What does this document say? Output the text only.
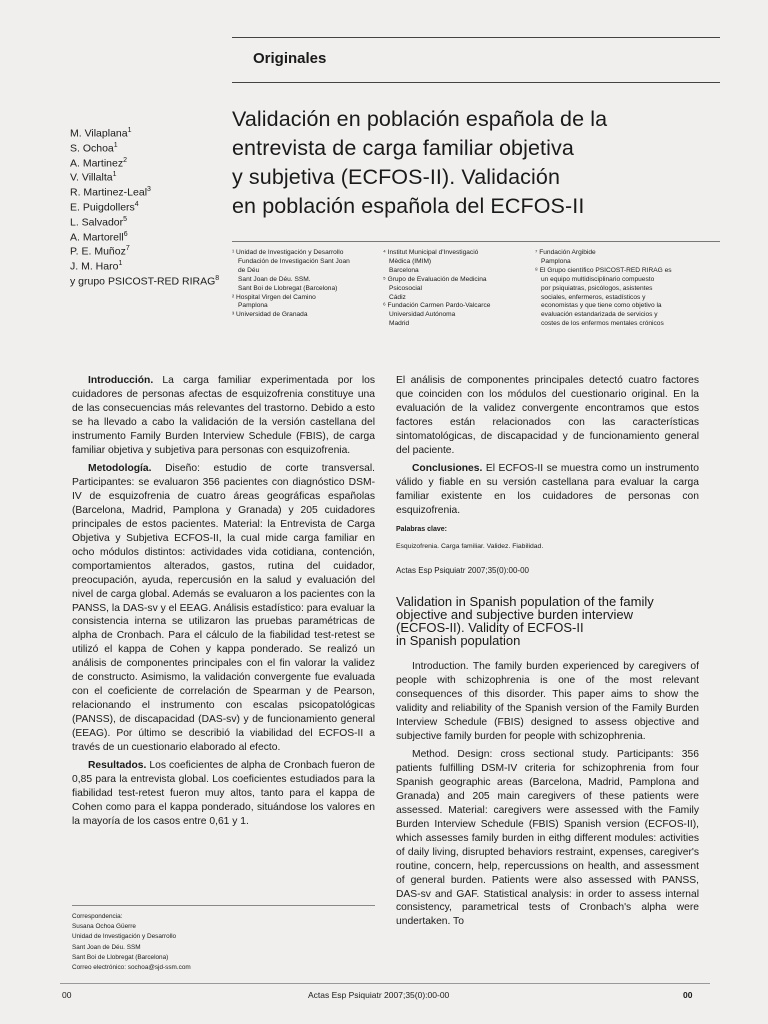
Originales
Validación en población española de la
entrevista de carga familiar objetiva
y subjetiva (ECFOS-II). Validación
en población española del ECFOS-II
M. Vilaplana$^1$
S. Ochoa$^1$
A. Martinez$^2$
V. Villalta$^1$
R. Martinez-Leal$^3$
E. Puigdollers$^4$
L. Salvador$^5$
A. Martorell$^6$
P. E. Muñoz$^7$
J. M. Haro$^1$
y grupo PSICOST-RED RIRAG$^8$
¹ Unidad de Investigación y Desarrollo
Fundación de Investigación Sant Joan
de Déu
Sant Joan de Déu. SSM.
Sant Boi de Llobregat (Barcelona)
² Hospital Virgen del Camino
Pamplona
³ Universidad de Granada
⁴ Institut Municipal d'Investigació
Mèdica (IMIM)
Barcelona
⁵ Grupo de Evaluación de Medicina
Psicosocial
Cádiz
⁶ Fundación Carmen Pardo-Valcarce
Universidad Autónoma
Madrid
⁷ Fundación Argibide
Pamplona
⁸ El Grupo científico PSICOST-RED RIRAG es
un equipo multidisciplinario compuesto
por psiquiatras, psicólogos, asistentes
sociales, enfermeros, estadísticos y
economistas y que tiene como objetivo la
evaluación estandarizada de servicios y
costes de los enfermos mentales crónicos

Introducción. La carga familiar experimentada por los cuidadores de personas afectas de esquizofrenia constituye una de las consecuencias más relevantes del trastorno. Debido a esto se ha llevado a cabo la validación de la versión castellana del instrumento Family Burden Interview Schedule (FBIS), de carga familiar objetiva y subjetiva para personas con esquizofrenia.

Metodología. Diseño: estudio de corte transversal. Participantes: se evaluaron 356 pacientes con diagnóstico DSM-IV de esquizofrenia de cuatro áreas geográficas españolas (Barcelona, Madrid, Pamplona y Granada) y 205 cuidadores principales de estos pacientes. Material: la Entrevista de Carga Objetiva y Subjetiva ECFOS-II, la cual mide carga familiar en ocho módulos distintos: actividades vida cotidiana, contención, comportamientos alterados, gastos, rutina del cuidador, preocupación, ayuda, repercusión en la salud y evaluación del nivel de carga global. Además se evaluaron a los pacientes con la PANSS, la DAS-sv y el EEAG. Análisis estadístico: para evaluar la consistencia interna se utilizaron las pruebas paramétricas de alpha de Cronbach. Para el cálculo de la fiabilidad test-retest se utilizó el kappa de Cohen y kappa ponderado. Se realizó un análisis de componentes principales con el fin valorar la validez de constructo. Asimismo, la validación convergente fue evaluada con el coeficiente de correlación de Spearman y de Pearson, relacionando el instrumento con escalas psicopatológicas (PANSS), de discapacidad (DAS-sv) y de funcionamiento general (EEAG). Por último se describió la viabilidad del ECFOS-II a través de un cuestionario elaborado al efecto.

Resultados. Los coeficientes de alpha de Cronbach fueron de 0,85 para la entrevista global. Los coeficientes estudiados para la fiabilidad test-retest fueron muy altos, tanto para el kappa de Cohen como para el kappa ponderado, situándose los valores en la mayoría de los casos entre 0,61 y 1.

El análisis de componentes principales detectó cuatro factores que coinciden con los módulos del cuestionario original. En la evaluación de la validez convergente encontramos que estos factores están relacionados con las características sintomatológicas, de discapacidad y de funcionamiento general del paciente.

Conclusiones. El ECFOS-II se muestra como un instrumento válido y fiable en su versión castellana para evaluar la carga familiar existente en los cuidadores de personas con esquizofrenia.

Palabras clave:
Esquizofrenia. Carga familiar. Validez. Fiabilidad.
Actas Esp Psiquiatr 2007;35(0):00-00
Validation in Spanish population of the family
objective and subjective burden interview
(ECFOS-II). Validity of ECFOS-II
in Spanish population

Introduction. The family burden experienced by caregivers of people with schizophrenia is one of the most relevant consequences of this disorder. This paper aims to show the validity and reliability of the Spanish version of the Family Burden Interview Schedule (FBIS) designed to assess objective and subjective family burden for people with schizophrenia.

Method. Design: cross sectional study. Participants: 356 patients fulfilling DSM-IV criteria for schizophrenia from four Spanish geographic areas (Barcelona, Madrid, Pamplona and Granada) and 205 main caregivers of these patients were assessed. Material: caregivers were assessed with the Family Burden Interview Schedule (FBIS) Spanish version (ECFOS-II), which assesses family burden in eithg different modules: activities of daily living, disrupted behaviors restraint, expenses, caregiver's routine, concern, help, repercussions on health, and assessment of general burden. Patients were also assessed with PANSS, DAS-sv and GAF. Statistical analysis: in order to assess internal consistency, parametrical tests of Cronbach's alpha were undertaken. To

Correspondencia:
Susana Ochoa Güerre
Unidad de Investigación y Desarrollo
Sant Joan de Déu. SSM
Sant Boi de Llobregat (Barcelona)
Correo electrónico: sochoa@sjd-ssm.com
00	Actas Esp Psiquiatr 2007;35(0):00-00	00
